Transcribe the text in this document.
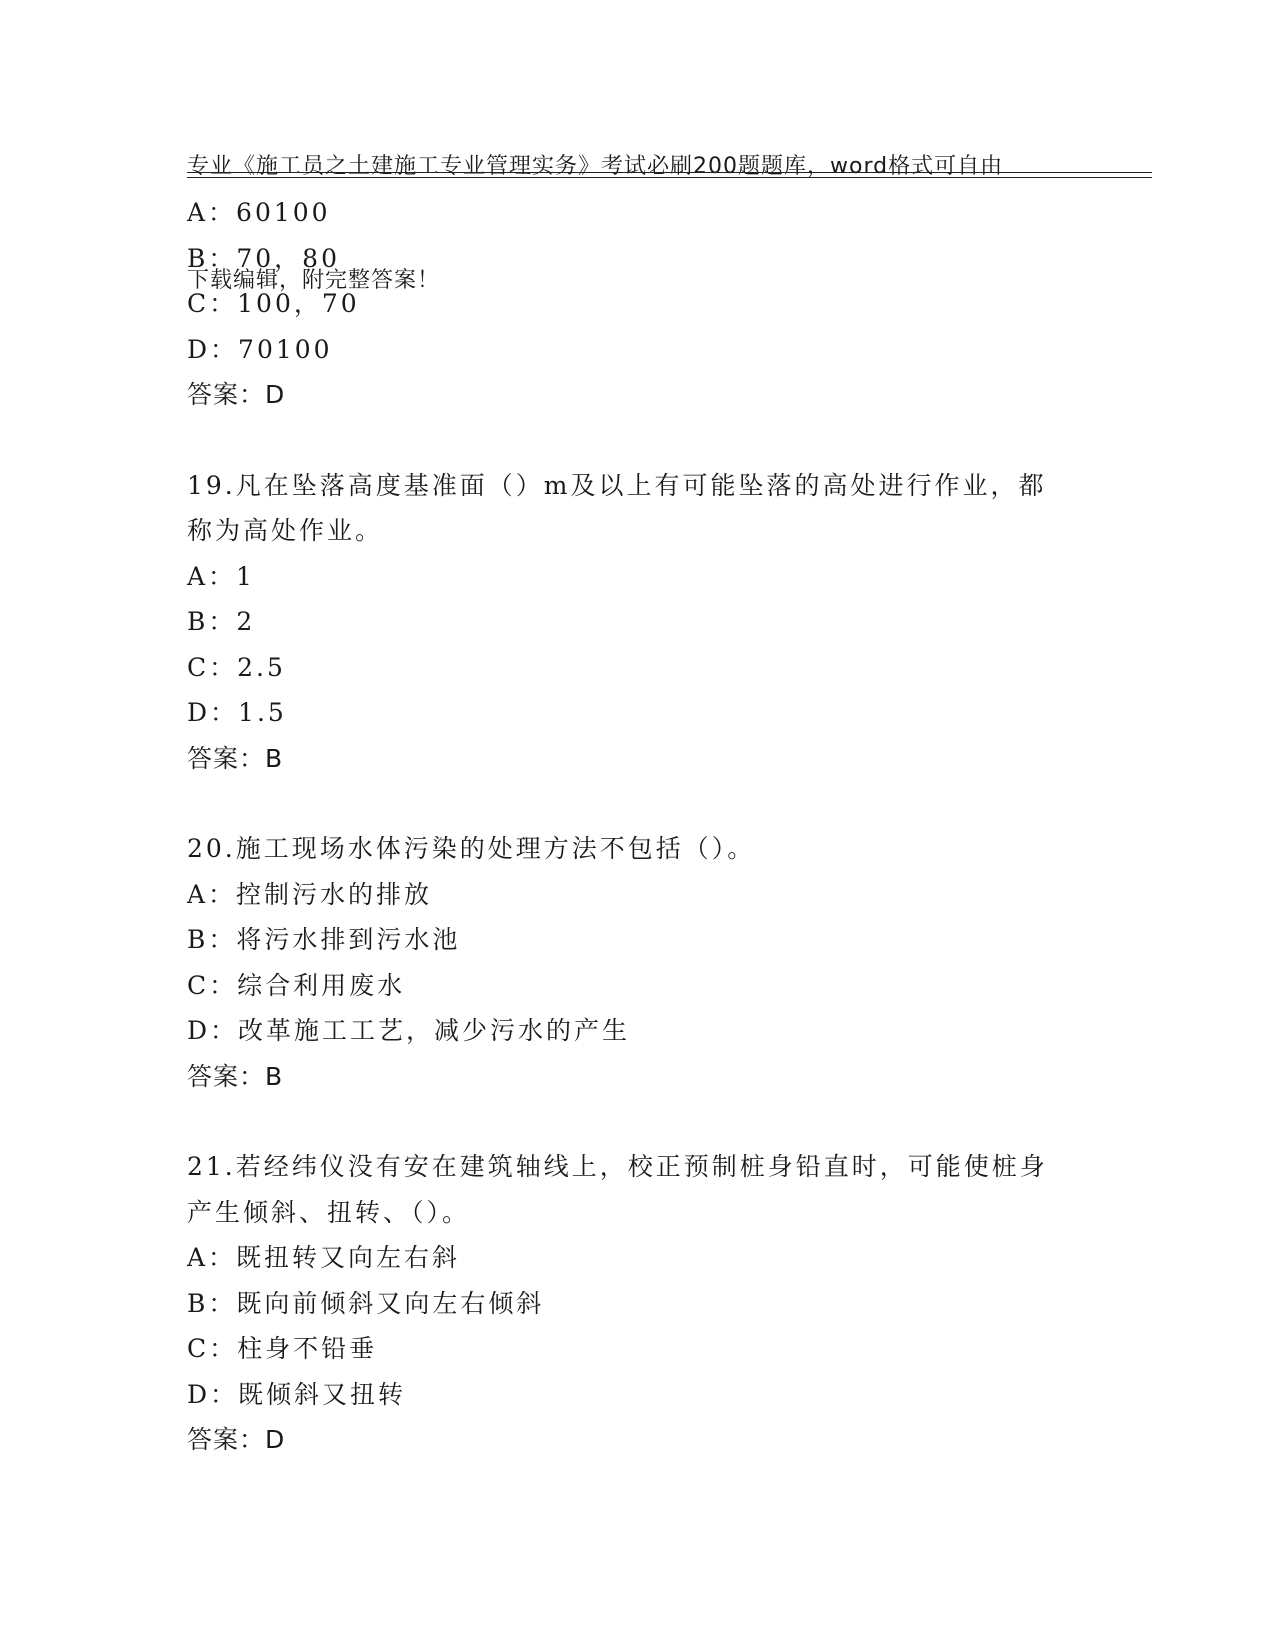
专业《施工员之土建施工专业管理实务》考试必刷200题题库，word格式可自由

下载编辑，附完整答案！

A：60100
B：70，80
C：100，70
D：70100
答案：D
19.凡在坠落高度基准面（）m及以上有可能坠落的高处进行作业，都
称为高处作业。
A：1
B：2
C：2.5
D：1.5
答案：B
20.施工现场水体污染的处理方法不包括（）。
A：控制污水的排放
B：将污水排到污水池
C：综合利用废水
D：改革施工工艺，减少污水的产生
答案：B
21.若经纬仪没有安在建筑轴线上，校正预制桩身铅直时，可能使桩身
产生倾斜、扭转、（）。
A：既扭转又向左右斜
B：既向前倾斜又向左右倾斜
C：柱身不铅垂
D：既倾斜又扭转
答案：D
